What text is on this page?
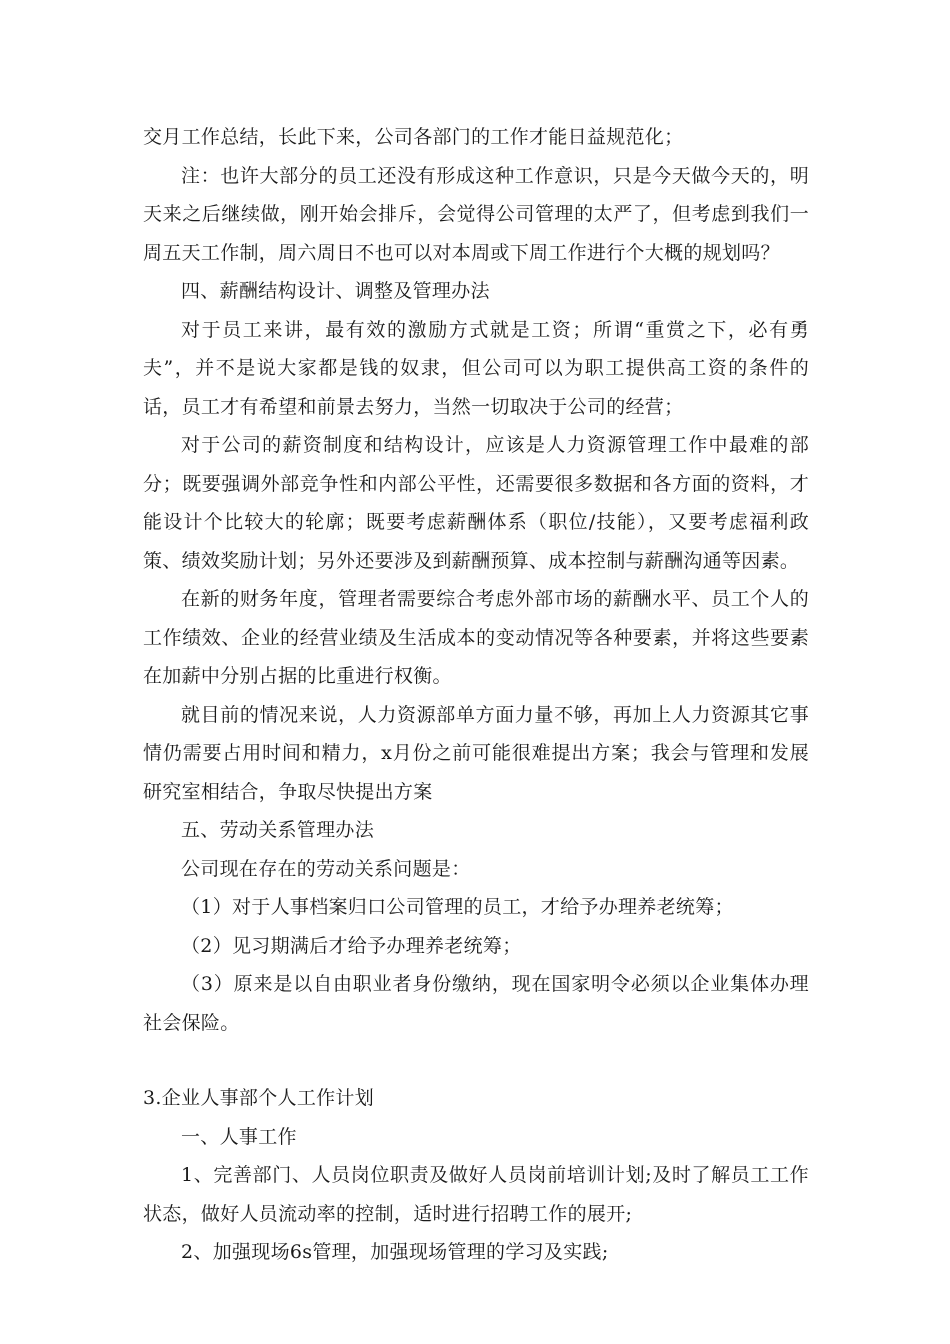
交月工作总结，长此下来，公司各部门的工作才能日益规范化；

注：也许大部分的员工还没有形成这种工作意识，只是今天做今天的，明天来之后继续做，刚开始会排斥，会觉得公司管理的太严了，但考虑到我们一周五天工作制，周六周日不也可以对本周或下周工作进行个大概的规划吗？

四、薪酬结构设计、调整及管理办法

对于员工来讲，最有效的激励方式就是工资；所谓“重赏之下，必有勇夫”，并不是说大家都是钱的奴隶，但公司可以为职工提供高工资的条件的话，员工才有希望和前景去努力，当然一切取决于公司的经营；

对于公司的薪资制度和结构设计，应该是人力资源管理工作中最难的部分；既要强调外部竞争性和内部公平性，还需要很多数据和各方面的资料，才能设计个比较大的轮廓；既要考虑薪酬体系（职位/技能），又要考虑福利政策、绩效奖励计划；另外还要涉及到薪酬预算、成本控制与薪酬沟通等因素。

在新的财务年度，管理者需要综合考虑外部市场的薪酬水平、员工个人的工作绩效、企业的经营业绩及生活成本的变动情况等各种要素，并将这些要素在加薪中分别占据的比重进行权衡。

就目前的情况来说，人力资源部单方面力量不够，再加上人力资源其它事情仍需要占用时间和精力，x月份之前可能很难提出方案；我会与管理和发展研究室相结合，争取尽快提出方案

五、劳动关系管理办法

公司现在存在的劳动关系问题是：

（1）对于人事档案归口公司管理的员工，才给予办理养老统筹；

（2）见习期满后才给予办理养老统筹；

（3）原来是以自由职业者身份缴纳，现在国家明令必须以企业集体办理社会保险。

3.企业人事部个人工作计划

一、人事工作

1、完善部门、人员岗位职责及做好人员岗前培训计划;及时了解员工工作状态，做好人员流动率的控制，适时进行招聘工作的展开;

2、加强现场6s管理，加强现场管理的学习及实践;
